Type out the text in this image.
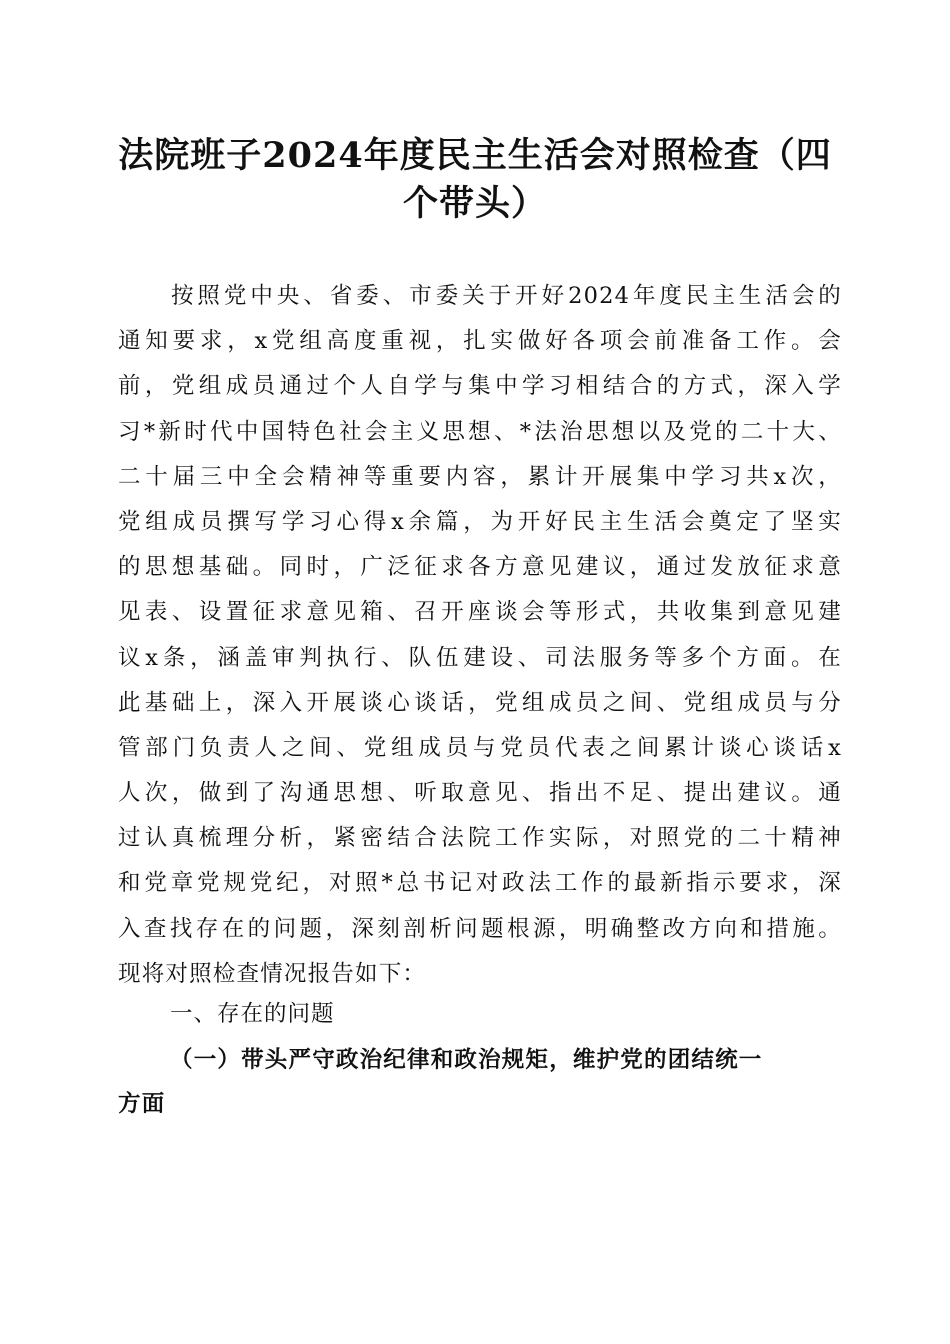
法院班子2024年度民主生活会对照检查（四
个带头）
　　按照党中央、省委、市委关于开好2024年度民主生活会的
通知要求，x党组高度重视，扎实做好各项会前准备工作。会
前，党组成员通过个人自学与集中学习相结合的方式，深入学
习*新时代中国特色社会主义思想、*法治思想以及党的二十大、
二十届三中全会精神等重要内容，累计开展集中学习共x次，
党组成员撰写学习心得x余篇，为开好民主生活会奠定了坚实
的思想基础。同时，广泛征求各方意见建议，通过发放征求意
见表、设置征求意见箱、召开座谈会等形式，共收集到意见建
议x条，涵盖审判执行、队伍建设、司法服务等多个方面。在
此基础上，深入开展谈心谈话，党组成员之间、党组成员与分
管部门负责人之间、党组成员与党员代表之间累计谈心谈话x
人次，做到了沟通思想、听取意见、指出不足、提出建议。通
过认真梳理分析，紧密结合法院工作实际，对照党的二十精神
和党章党规党纪，对照*总书记对政法工作的最新指示要求，深
入查找存在的问题，深刻剖析问题根源，明确整改方向和措施。
现将对照检查情况报告如下：
一、存在的问题
（一）带头严守政治纪律和政治规矩，维护党的团结统一
方面
